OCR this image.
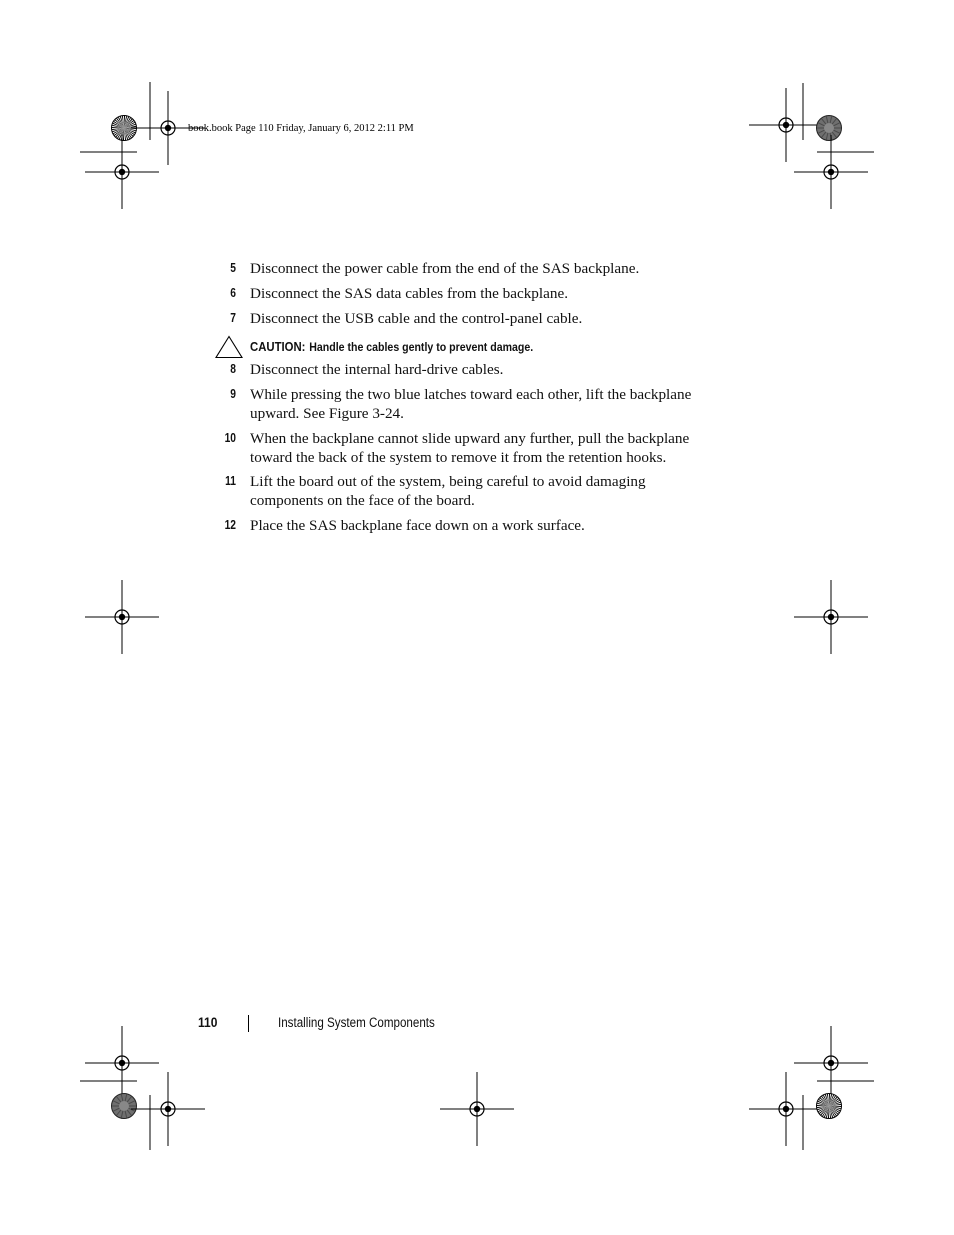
book.book Page 110 Friday, January 6, 2012 2:11 PM
5 Disconnect the power cable from the end of the SAS backplane.
6 Disconnect the SAS data cables from the backplane.
7 Disconnect the USB cable and the control-panel cable.
CAUTION: Handle the cables gently to prevent damage.
8 Disconnect the internal hard-drive cables.
9 While pressing the two blue latches toward each other, lift the backplane upward. See Figure 3-24.
10 When the backplane cannot slide upward any further, pull the backplane toward the back of the system to remove it from the retention hooks.
11 Lift the board out of the system, being careful to avoid damaging components on the face of the board.
12 Place the SAS backplane face down on a work surface.
110	Installing System Components
